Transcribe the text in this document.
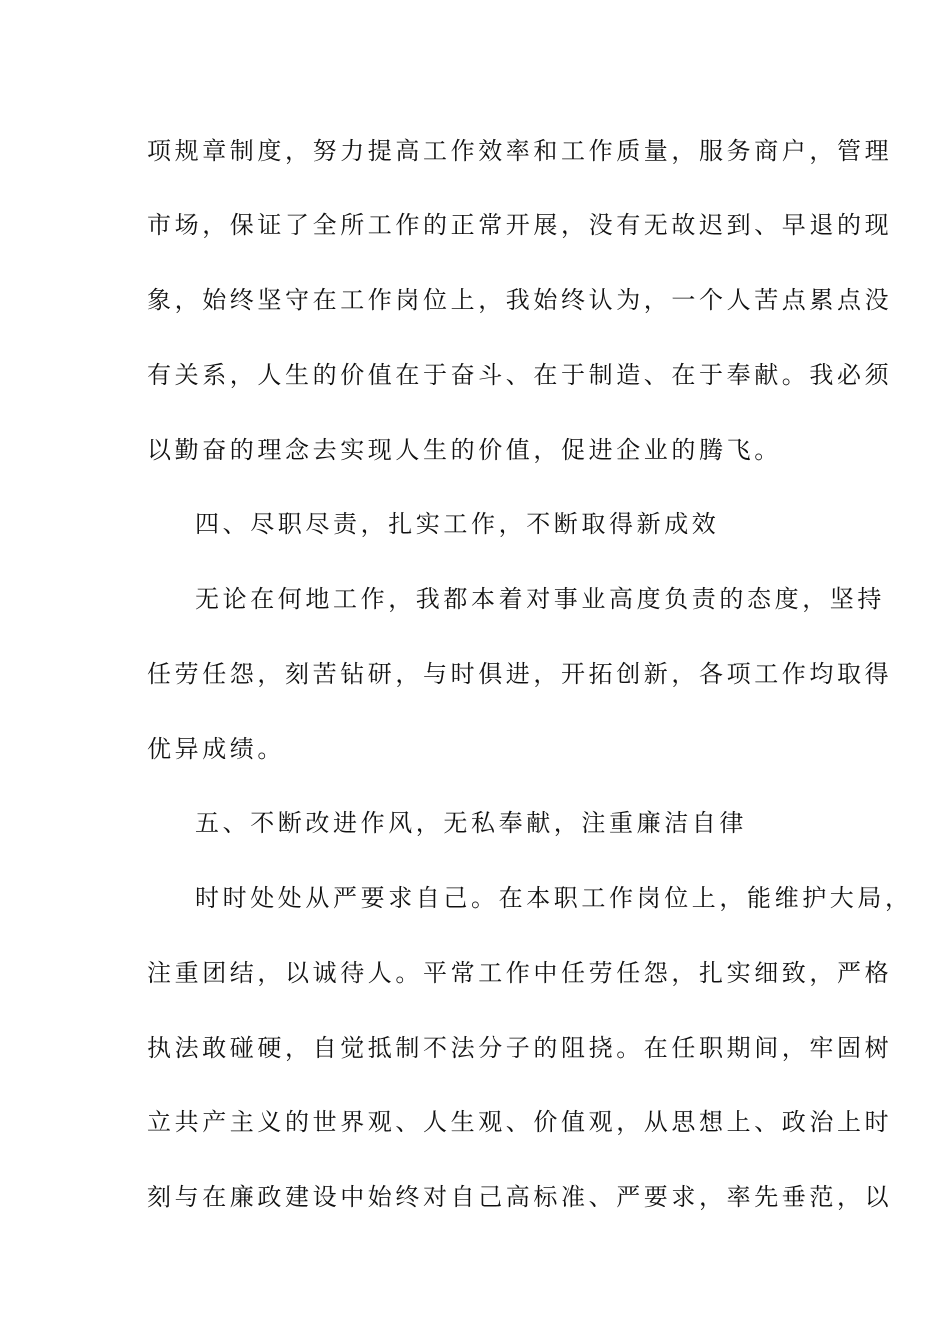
项规章制度，努力提高工作效率和工作质量，服务商户，管理
市场，保证了全所工作的正常开展，没有无故迟到、早退的现
象，始终坚守在工作岗位上，我始终认为，一个人苦点累点没
有关系，人生的价值在于奋斗、在于制造、在于奉献。我必须
以勤奋的理念去实现人生的价值，促进企业的腾飞。
四、尽职尽责，扎实工作，不断取得新成效
无论在何地工作，我都本着对事业高度负责的态度，坚持
任劳任怨，刻苦钻研，与时俱进，开拓创新，各项工作均取得
优异成绩。
五、不断改进作风，无私奉献，注重廉洁自律
时时处处从严要求自己。在本职工作岗位上，能维护大局，
注重团结，以诚待人。平常工作中任劳任怨，扎实细致，严格
执法敢碰硬，自觉抵制不法分子的阻挠。在任职期间，牢固树
立共产主义的世界观、人生观、价值观，从思想上、政治上时
刻与在廉政建设中始终对自己高标准、严要求，率先垂范，以
